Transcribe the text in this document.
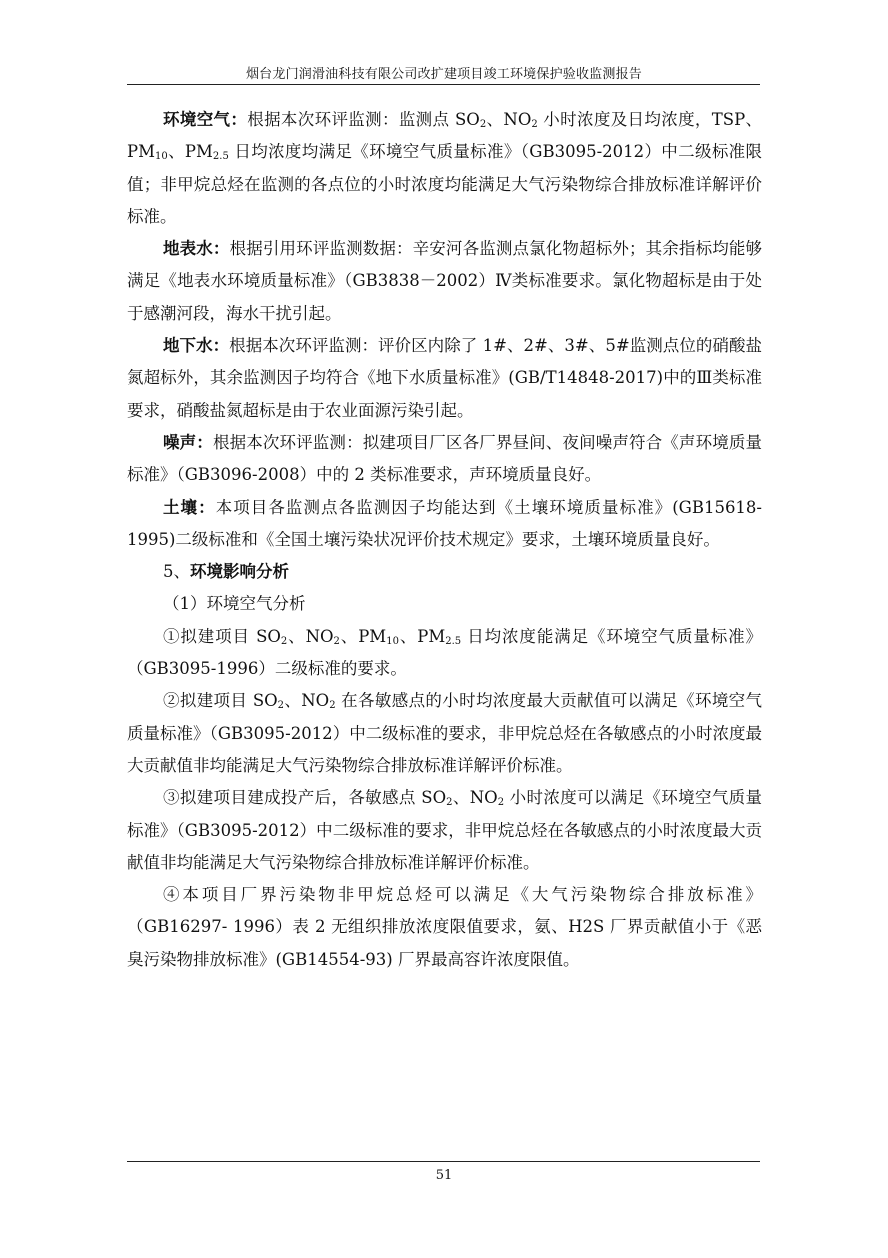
烟台龙门润滑油科技有限公司改扩建项目竣工环境保护验收监测报告

环境空气：根据本次环评监测：监测点 $SO_2$、$NO_2$ 小时浓度及日均浓度，TSP、$PM_{10}$、$PM_{2.5}$ 日均浓度均满足《环境空气质量标准》（GB3095-2012）中二级标准限值；非甲烷总烃在监测的各点位的小时浓度均能满足大气污染物综合排放标准详解评价标准。

地表水：根据引用环评监测数据：辛安河各监测点氯化物超标外；其余指标均能够满足《地表水环境质量标准》（GB3838－2002）Ⅳ类标准要求。氯化物超标是由于处于感潮河段，海水干扰引起。

地下水：根据本次环评监测：评价区内除了 1#、2#、3#、5#监测点位的硝酸盐氮超标外，其余监测因子均符合《地下水质量标准》(GB/T14848-2017)中的Ⅲ类标准要求，硝酸盐氮超标是由于农业面源污染引起。

噪声：根据本次环评监测：拟建项目厂区各厂界昼间、夜间噪声符合《声环境质量标准》（GB3096-2008）中的 2 类标准要求，声环境质量良好。

土壤：本项目各监测点各监测因子均能达到《土壤环境质量标准》(GB15618-1995)二级标准和《全国土壤污染状况评价技术规定》要求，土壤环境质量良好。

5、环境影响分析

（1）环境空气分析

①拟建项目 $SO_2$、$NO_2$、$PM_{10}$、$PM_{2.5}$ 日均浓度能满足《环境空气质量标准》（GB3095-1996）二级标准的要求。

②拟建项目 $SO_2$、$NO_2$ 在各敏感点的小时均浓度最大贡献值可以满足《环境空气质量标准》（GB3095-2012）中二级标准的要求，非甲烷总烃在各敏感点的小时浓度最大贡献值非均能满足大气污染物综合排放标准详解评价标准。

③拟建项目建成投产后，各敏感点 $SO_2$、$NO_2$ 小时浓度可以满足《环境空气质量标准》（GB3095-2012）中二级标准的要求，非甲烷总烃在各敏感点的小时浓度最大贡献值非均能满足大气污染物综合排放标准详解评价标准。

④本项目厂界污染物非甲烷总烃可以满足《大气污染物综合排放标准》（GB16297- 1996）表 2 无组织排放浓度限值要求，氨、H2S 厂界贡献值小于《恶臭污染物排放标准》(GB14554-93) 厂界最高容许浓度限值。

51
